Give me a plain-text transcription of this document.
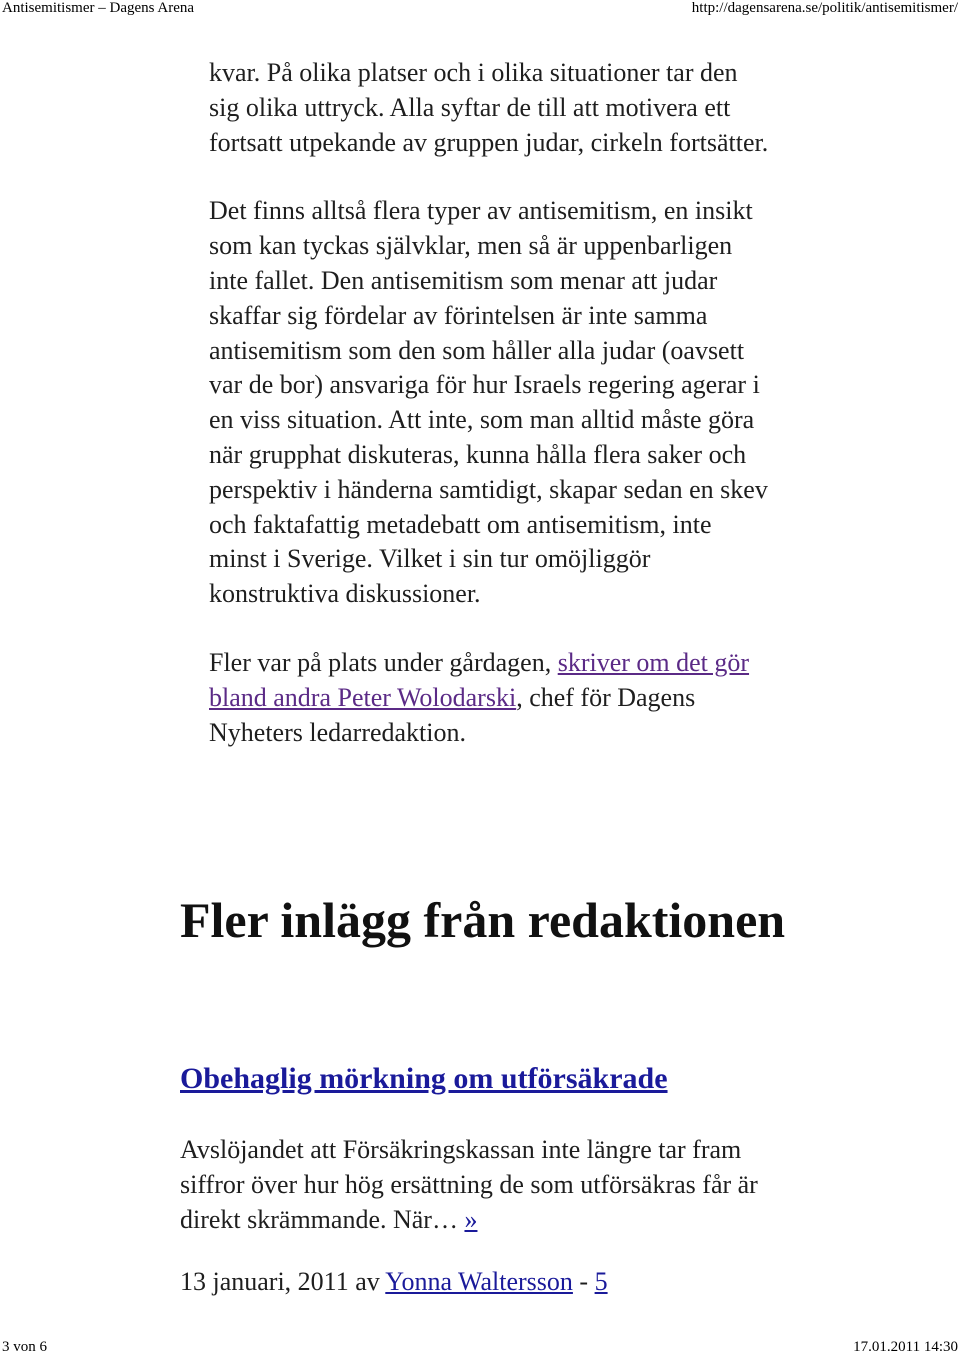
Antisemitismer – Dagens Arena	http://dagensarena.se/politik/antisemitismer/

kvar. På olika platser och i olika situationer tar den sig olika uttryck. Alla syftar de till att motivera ett fortsatt utpekande av gruppen judar, cirkeln fortsätter.

Det finns alltså flera typer av antisemitism, en insikt som kan tyckas självklar, men så är uppenbarligen inte fallet. Den antisemitism som menar att judar skaffar sig fördelar av förintelsen är inte samma antisemitism som den som håller alla judar (oavsett var de bor) ansvariga för hur Israels regering agerar i en viss situation. Att inte, som man alltid måste göra när grupphat diskuteras, kunna hålla flera saker och perspektiv i händerna samtidigt, skapar sedan en skev och faktafattig metadebatt om antisemitism, inte minst i Sverige. Vilket i sin tur omöjliggör konstruktiva diskussioner.

Fler var på plats under gårdagen, skriver om det gör bland andra Peter Wolodarski, chef för Dagens Nyheters ledarredaktion.

Fler inlägg från redaktionen
Obehaglig mörkning om utförsäkrade

Avslöjandet att Försäkringskassan inte längre tar fram siffror över hur hög ersättning de som utförsäkras får är direkt skrämmande. När… »

13 januari, 2011 av Yonna Waltersson - 5
3 von 6	17.01.2011 14:30
